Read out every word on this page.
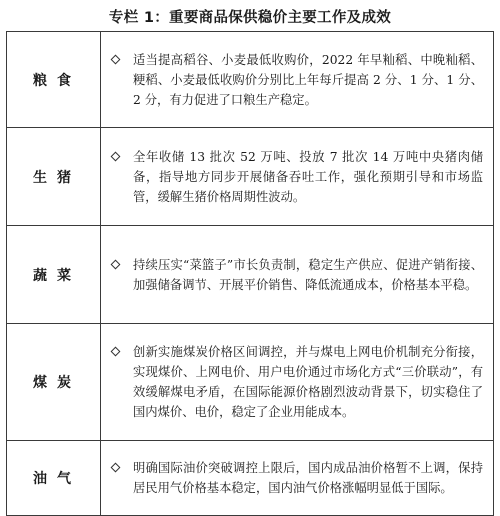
专栏 1：重要商品保供稳价主要工作及成效
粮食	适当提高稻谷、小麦最低收购价，2022 年早籼稻、中晚籼稻、粳稻、小麦最低收购价分别比上年每斤提高 2 分、1 分、1 分、2 分，有力促进了口粮生产稳定。

生猪	全年收储 13 批次 52 万吨、投放 7 批次 14 万吨中央猪肉储备，指导地方同步开展储备吞吐工作，强化预期引导和市场监管，缓解生猪价格周期性波动。

蔬菜	持续压实“菜篮子”市长负责制，稳定生产供应、促进产销衔接、加强储备调节、开展平价销售、降低流通成本，价格基本平稳。

煤炭	创新实施煤炭价格区间调控，并与煤电上网电价机制充分衔接，实现煤价、上网电价、用户电价通过市场化方式“三价联动”，有效缓解煤电矛盾，在国际能源价格剧烈波动背景下，切实稳住了国内煤价、电价，稳定了企业用能成本。

油气	明确国际油价突破调控上限后，国内成品油价格暂不上调，保持居民用气价格基本稳定，国内油气价格涨幅明显低于国际。
